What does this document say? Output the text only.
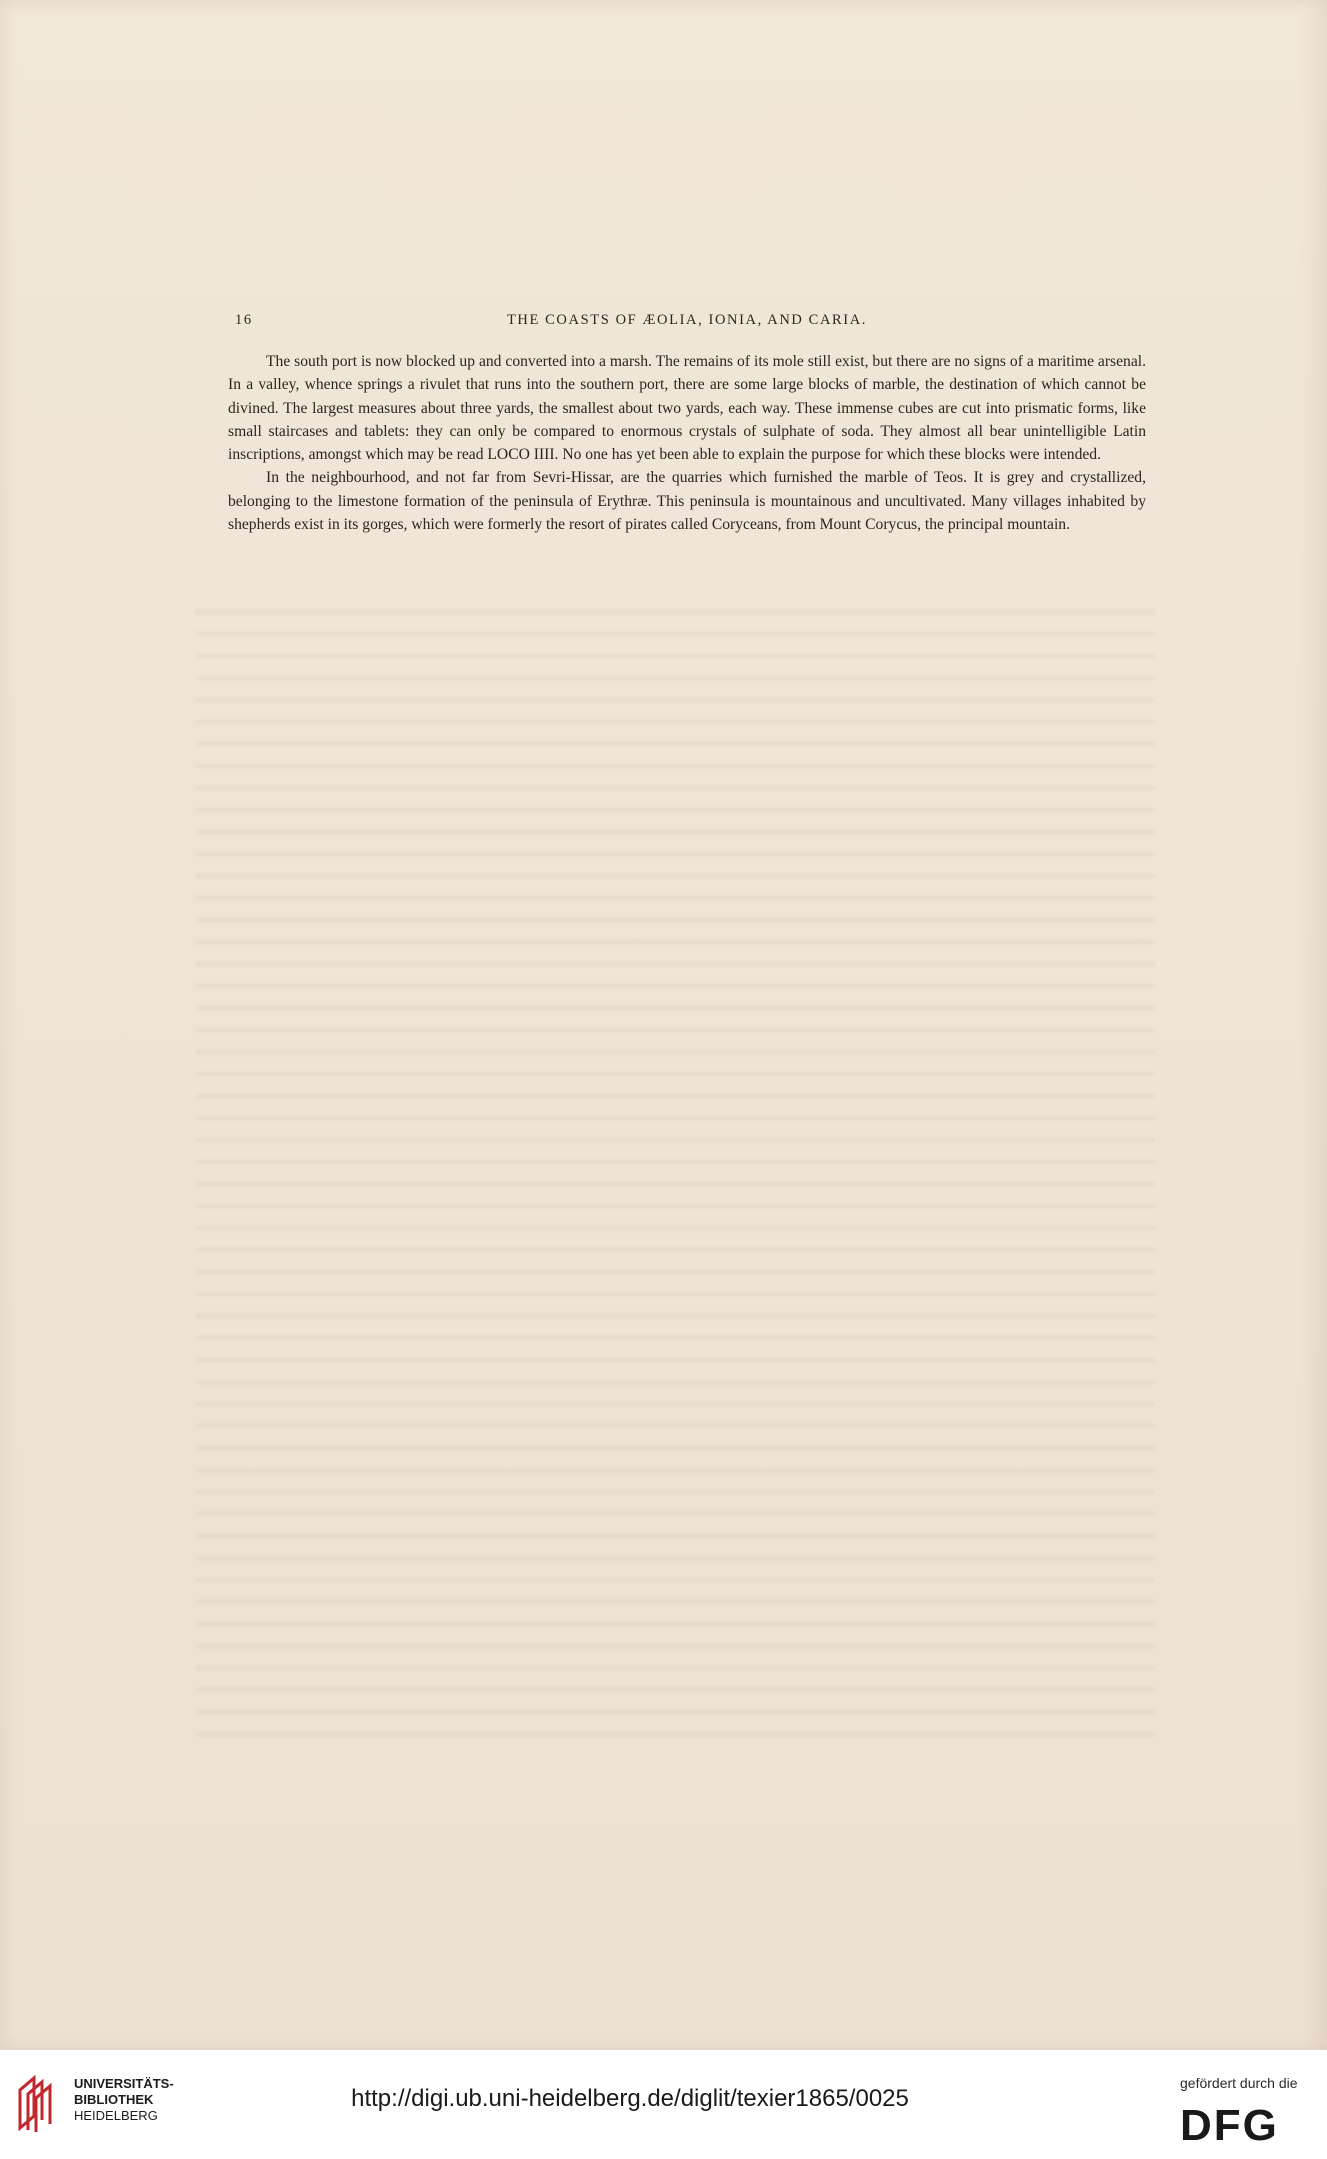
16	THE COASTS OF ÆOLIA, IONIA, AND CARIA.

The south port is now blocked up and converted into a marsh. The remains of its mole still exist, but there are no signs of a maritime arsenal. In a valley, whence springs a rivulet that runs into the southern port, there are some large blocks of marble, the destination of which cannot be divined. The largest measures about three yards, the smallest about two yards, each way. These immense cubes are cut into prismatic forms, like small staircases and tablets: they can only be compared to enormous crystals of sulphate of soda. They almost all bear unintelligible Latin inscriptions, amongst which may be read LOCO IIII. No one has yet been able to explain the purpose for which these blocks were intended.

In the neighbourhood, and not far from Sevri-Hissar, are the quarries which furnished the marble of Teos. It is grey and crystallized, belonging to the limestone formation of the peninsula of Erythræ. This peninsula is mountainous and uncultivated. Many villages inhabited by shepherds exist in its gorges, which were formerly the resort of pirates called Coryceans, from Mount Corycus, the principal mountain.

UNIVERSITÄTS-
BIBLIOTHEK
HEIDELBERG
http://digi.ub.uni-heidelberg.de/diglit/texier1865/0025
gefördert durch die
DFG
